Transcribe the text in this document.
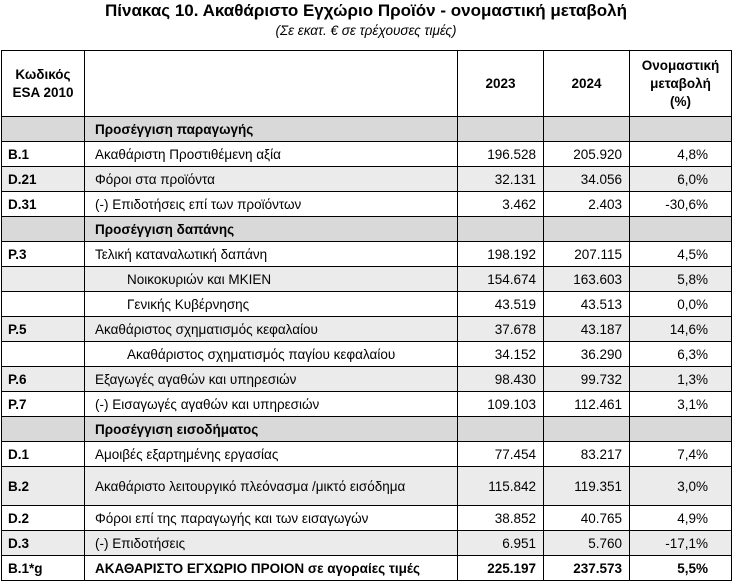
Πίνακας 10. Ακαθάριστο Εγχώριο Προϊόν - ονομαστική μεταβολή
(Σε εκατ. € σε τρέχουσες τιμές)
Κωδικός
ESA 2010		2023	2024	Ονομαστική
μεταβολή
(%)
	Προσέγγιση παραγωγής			
B.1	Ακαθάριστη Προστιθέμενη αξία	196.528	205.920	4,8%
D.21	Φόροι στα προϊόντα	32.131	34.056	6,0%
D.31	(-) Επιδοτήσεις επί των προϊόντων	3.462	2.403	-30,6%
	Προσέγγιση δαπάνης			
P.3	Τελική καταναλωτική δαπάνη	198.192	207.115	4,5%
	Νοικοκυριών και ΜΚΙΕΝ	154.674	163.603	5,8%
	Γενικής Κυβέρνησης	43.519	43.513	0,0%
P.5	Ακαθάριστος σχηματισμός κεφαλαίου	37.678	43.187	14,6%
	Ακαθάριστος σχηματισμός παγίου κεφαλαίου	34.152	36.290	6,3%
P.6	Εξαγωγές αγαθών και υπηρεσιών	98.430	99.732	1,3%
P.7	(-) Εισαγωγές αγαθών και υπηρεσιών	109.103	112.461	3,1%
	Προσέγγιση εισοδήματος			
D.1	Αμοιβές εξαρτημένης εργασίας	77.454	83.217	7,4%
B.2	Ακαθάριστο λειτουργικό πλεόνασμα /μικτό εισόδημα	115.842	119.351	3,0%
D.2	Φόροι επί της παραγωγής και των εισαγωγών	38.852	40.765	4,9%
D.3	(-) Επιδοτήσεις	6.951	5.760	-17,1%
B.1*g	ΑΚΑΘΑΡΙΣΤΟ ΕΓΧΩΡΙΟ ΠΡΟΙΟΝ σε αγοραίες τιμές	225.197	237.573	5,5%
